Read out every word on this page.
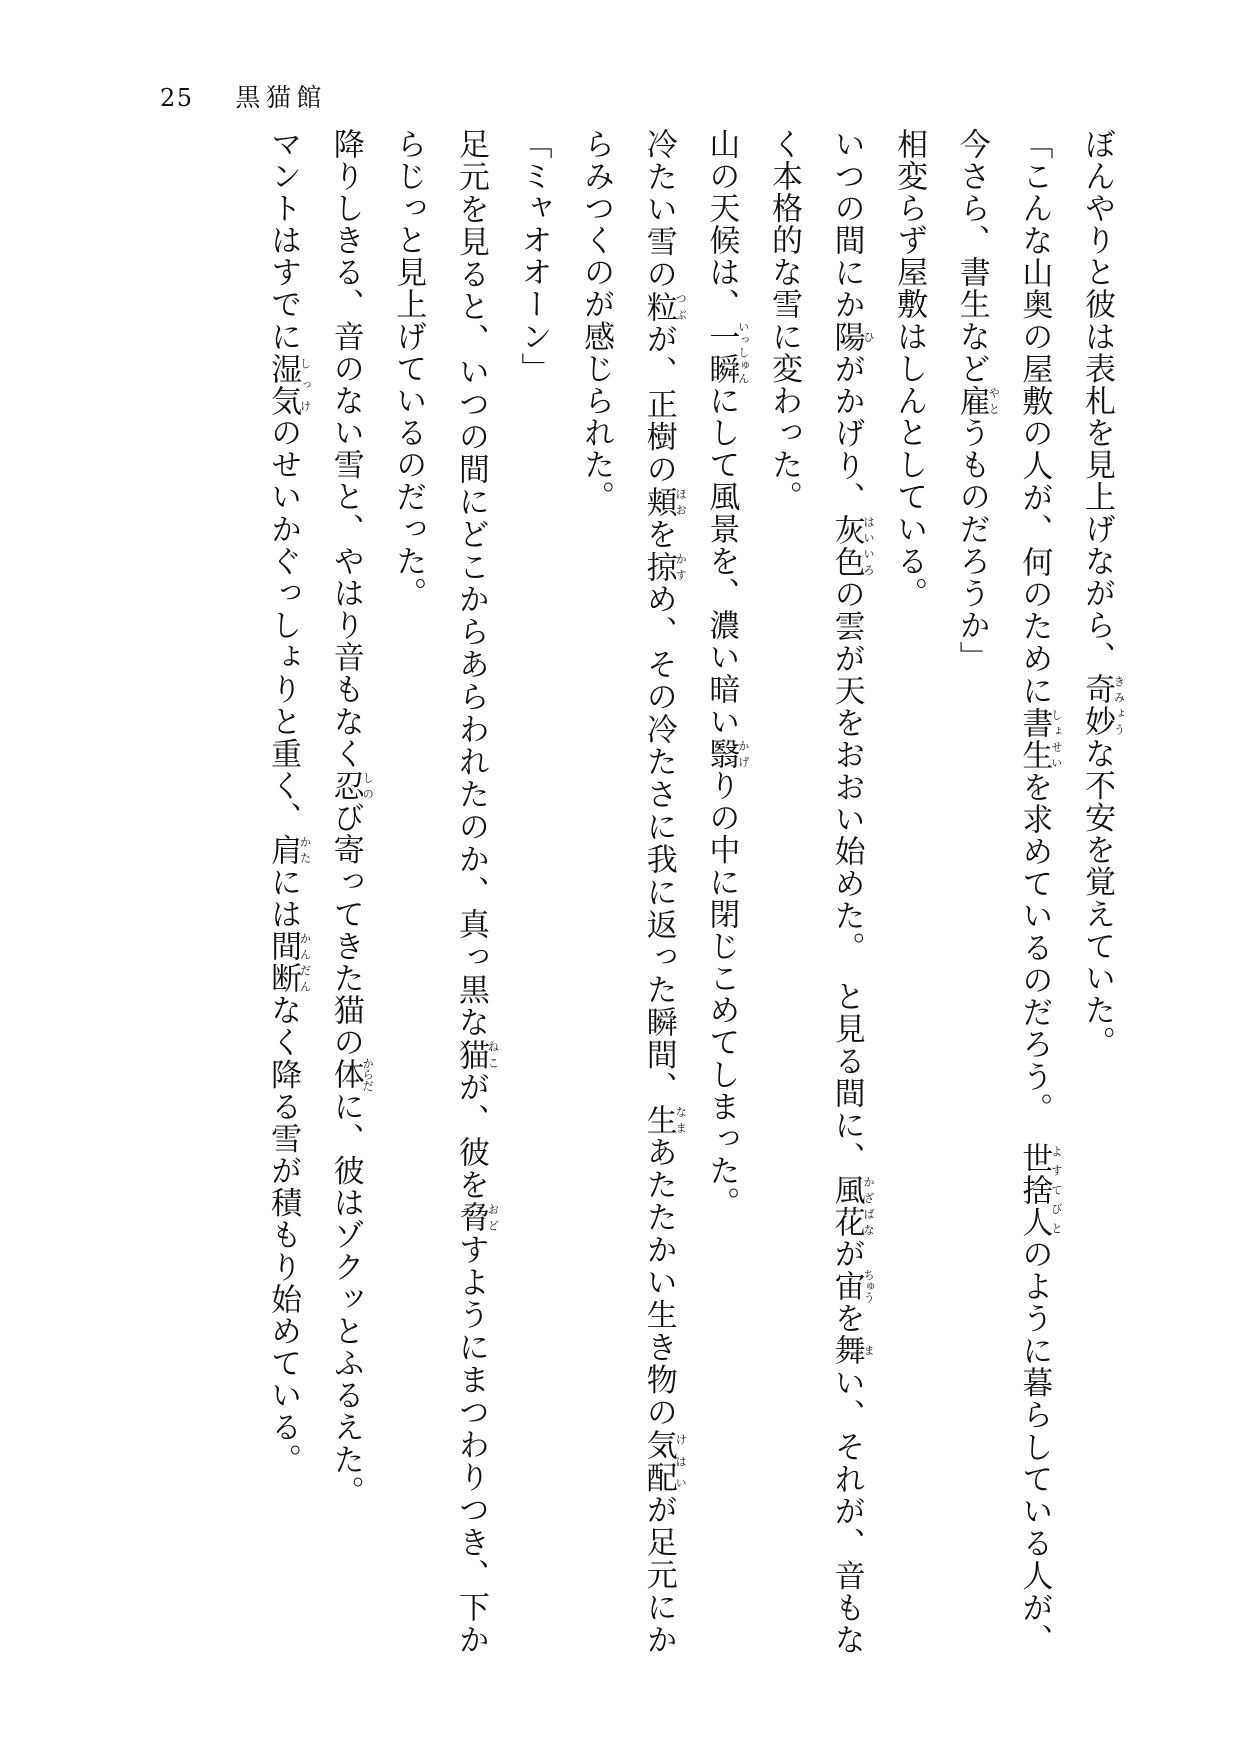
25 黒猫館

ぼんやりと彼は表札を見上げながら、奇妙きみょうな不安を覚えていた。

「こんな山奥の屋敷の人が、何のために書生しょせいを求めているのだろう。　世捨人よすてびとのように暮らしている人が、今さら、書生など雇やとうものだろうか」

相変らず屋敷はしんとしている。

いつの間にか陽ひがかげり、灰色はいいろの雲が天をおおい始めた。　と見る間に、風花かざばなが宙ちゅうを舞まい、それが、音もなく本格的な雪に変わった。

山の天候は、一瞬いっしゅんにして風景を、濃い暗い翳かげりの中に閉じこめてしまった。

冷たい雪の粒つぶが、正樹の頬ほおを掠かすめ、その冷たさに我に返った瞬間、生なまあたたかい生き物の気配けはいが足元にからみつくのが感じられた。

「ミャオオーン」

足元を見ると、いつの間にどこからあらわれたのか、真っ黒な猫ねこが、彼を脅おどすようにまつわりつき、下からじっと見上げているのだった。

降りしきる、音のない雪と、やはり音もなく忍しのび寄ってきた猫の体からだに、彼はゾクッとふるえた。

マントはすでに湿気しっけのせいかぐっしょりと重く、肩かたには間断かんだんなく降る雪が積もり始めている。
